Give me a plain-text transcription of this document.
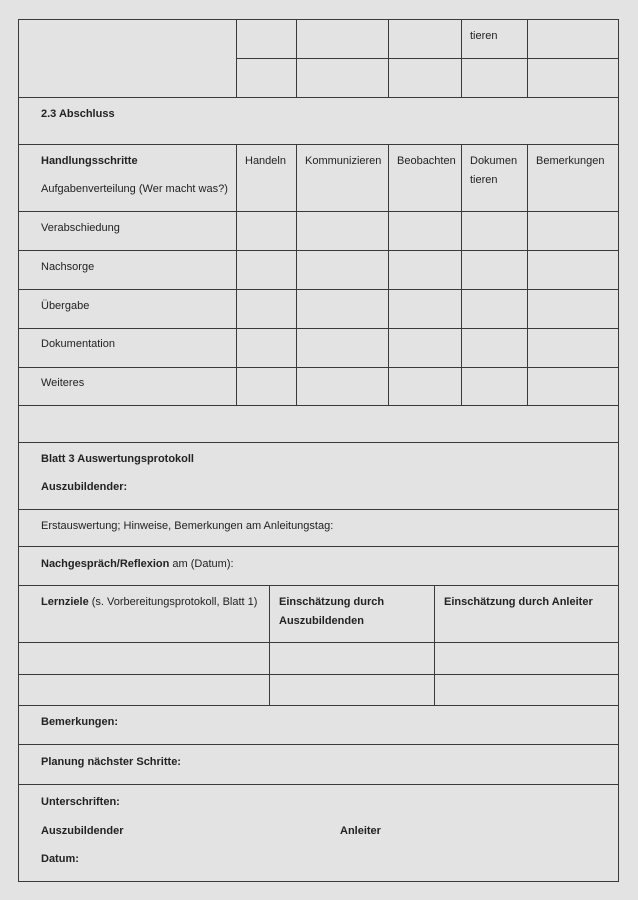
tieren
2.3 Abschluss
Handlungsschritte
Aufgabenverteilung (Wer macht was?)
Handeln Kommunizieren Beobachten Dokumen
tieren
Bemerkungen
Verabschiedung
Nachsorge
Übergabe
Dokumentation
Weiteres
Blatt 3 Auswertungsprotokoll
Auszubildender:
Erstauswertung; Hinweise, Bemerkungen am Anleitungstag:
Nachgespräch/Reflexion am (Datum):
Lernziele (s. Vorbereitungsprotokoll, Blatt 1) Einschätzung durch
Auszubildenden
Einschätzung durch Anleiter
Bemerkungen:
Planung nächster Schritte:
Unterschriften:
Auszubildender	Anleiter
Datum:
